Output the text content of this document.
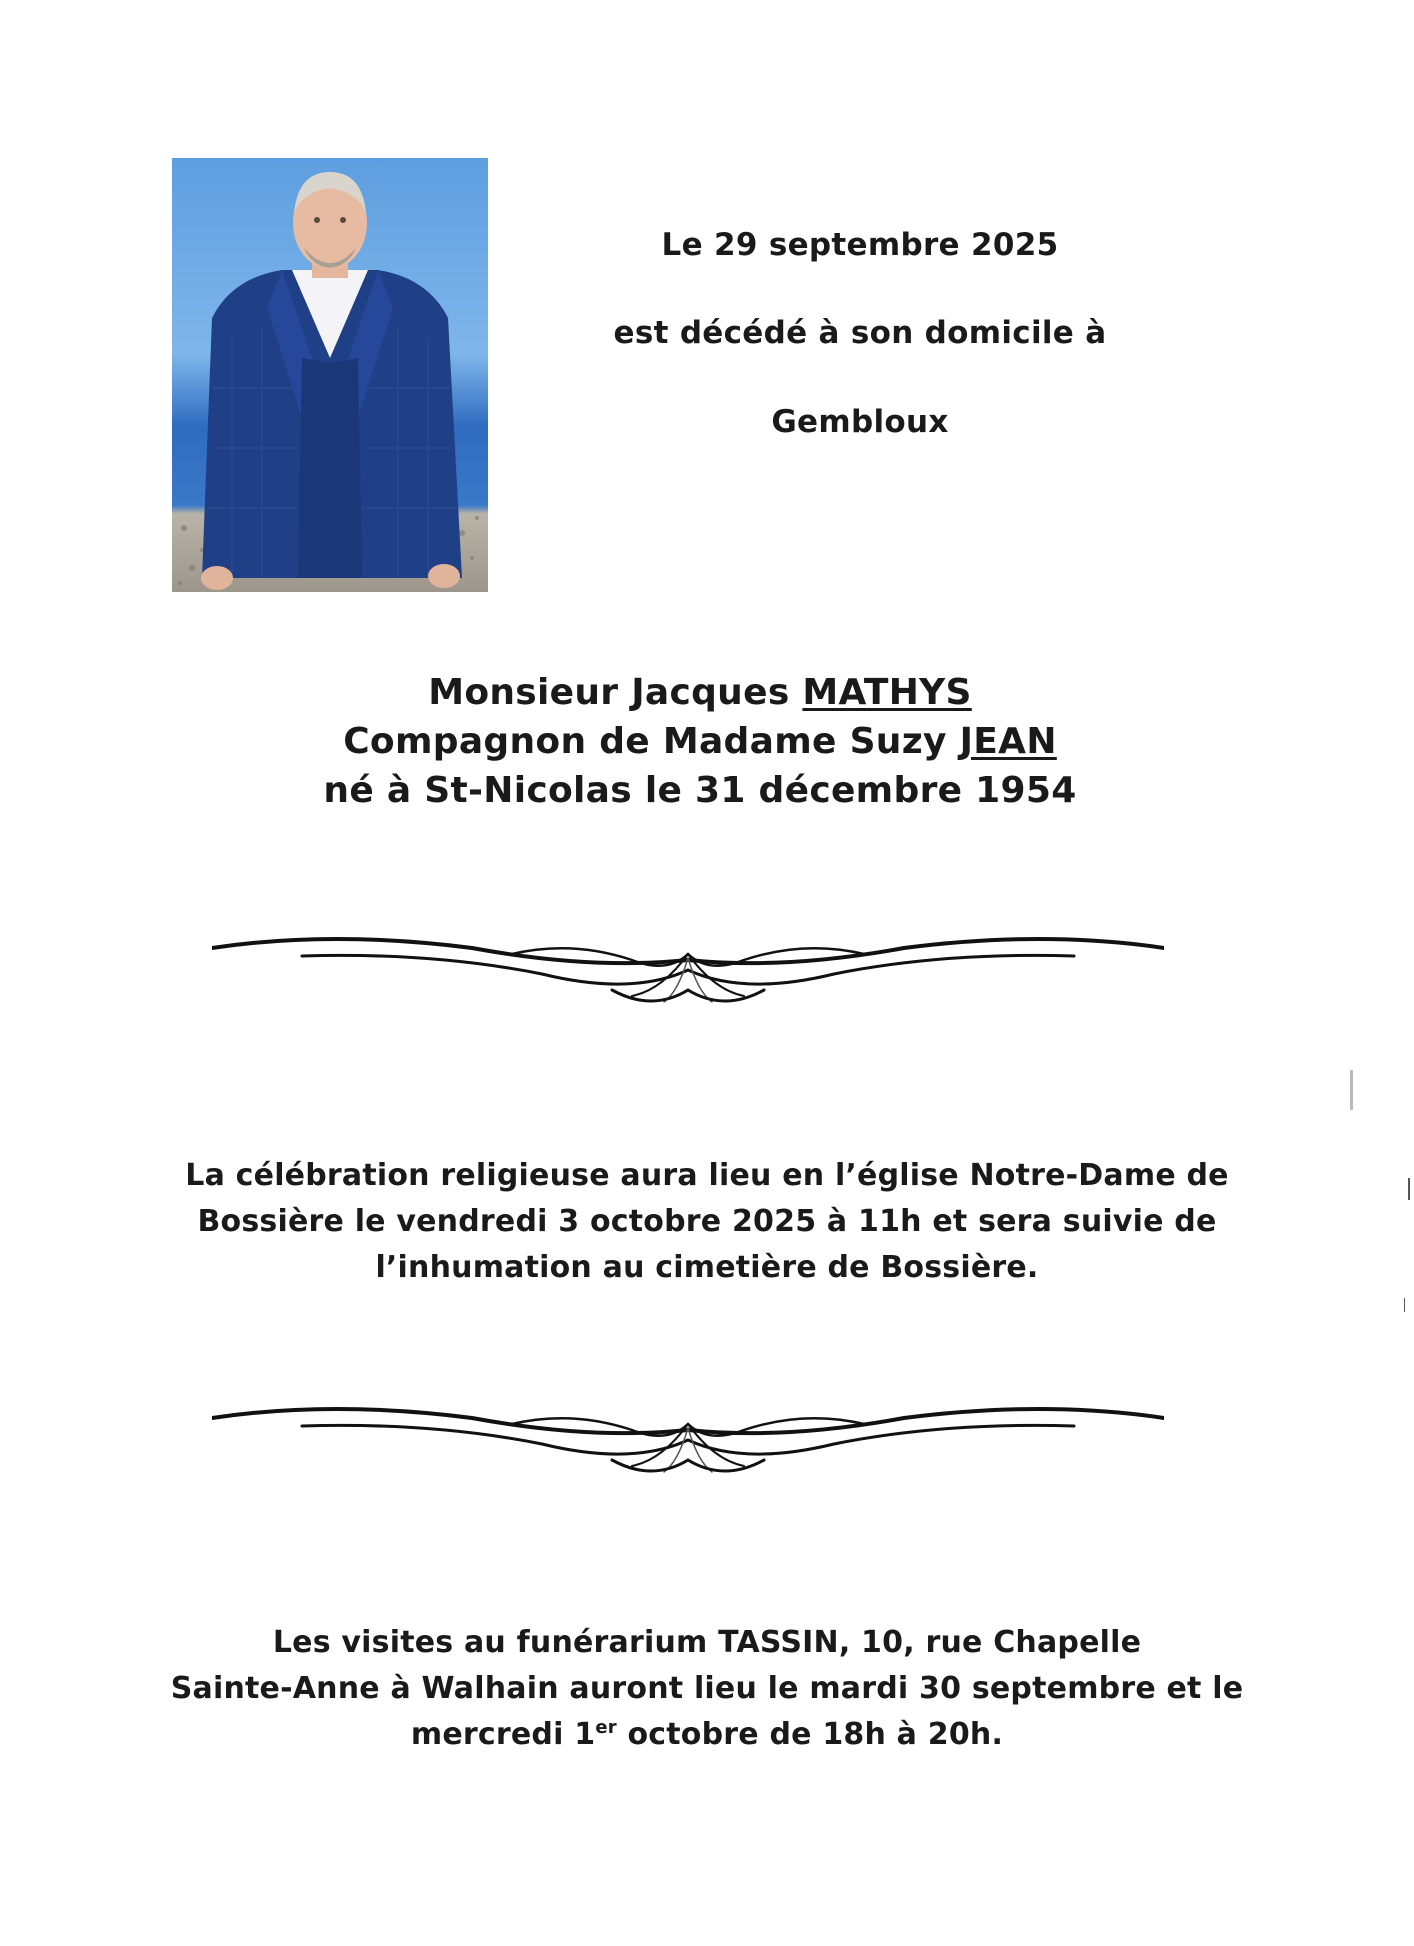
Le 29 septembre 2025
est décédé à son domicile à
Gembloux
Monsieur Jacques MATHYS
Compagnon de Madame Suzy JEAN
né à St-Nicolas le 31 décembre 1954
La célébration religieuse aura lieu en l’église Notre-Dame de
Bossière le vendredi 3 octobre 2025 à 11h et sera suivie de
l’inhumation au cimetière de Bossière.
Les visites au funérarium TASSIN, 10, rue Chapelle
Sainte-Anne à Walhain auront lieu le mardi 30 septembre et le
mercredi 1er octobre de 18h à 20h.
